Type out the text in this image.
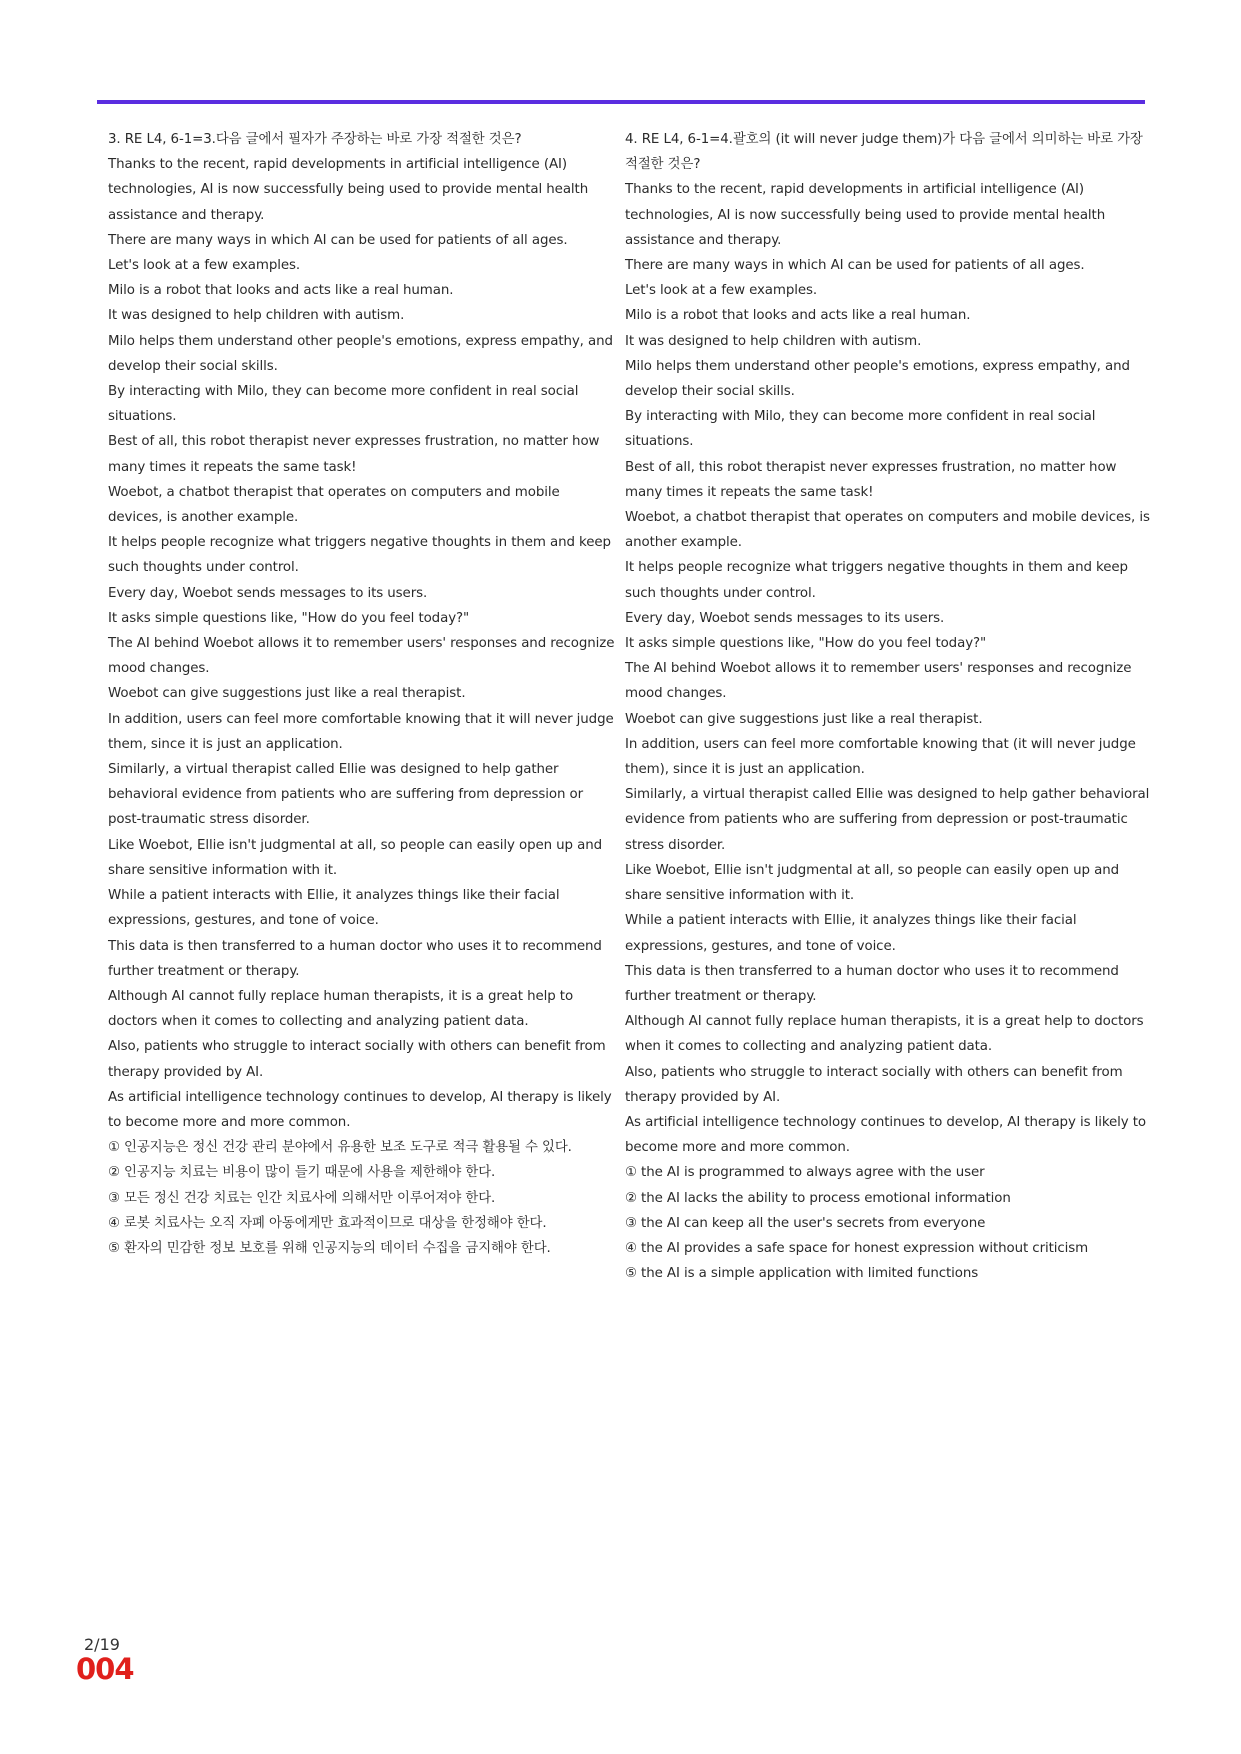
3. RE L4, 6-1=3.다음 글에서 필자가 주장하는 바로 가장 적절한 것은?

Thanks to the recent, rapid developments in artificial intelligence (AI) technologies, AI is now successfully being used to provide mental health assistance and therapy.

There are many ways in which AI can be used for patients of all ages.

Let's look at a few examples.

Milo is a robot that looks and acts like a real human.

It was designed to help children with autism.

Milo helps them understand other people's emotions, express empathy, and develop their social skills.

By interacting with Milo, they can become more confident in real social situations.

Best of all, this robot therapist never expresses frustration, no matter how many times it repeats the same task!

Woebot, a chatbot therapist that operates on computers and mobile devices, is another example.

It helps people recognize what triggers negative thoughts in them and keep such thoughts under control.

Every day, Woebot sends messages to its users.

It asks simple questions like, "How do you feel today?"

The AI behind Woebot allows it to remember users' responses and recognize mood changes.

Woebot can give suggestions just like a real therapist.

In addition, users can feel more comfortable knowing that it will never judge them, since it is just an application.

Similarly, a virtual therapist called Ellie was designed to help gather behavioral evidence from patients who are suffering from depression or post-traumatic stress disorder.

Like Woebot, Ellie isn't judgmental at all, so people can easily open up and share sensitive information with it.

While a patient interacts with Ellie, it analyzes things like their facial expressions, gestures, and tone of voice.

This data is then transferred to a human doctor who uses it to recommend further treatment or therapy.

Although AI cannot fully replace human therapists, it is a great help to doctors when it comes to collecting and analyzing patient data.

Also, patients who struggle to interact socially with others can benefit from therapy provided by AI.

As artificial intelligence technology continues to develop, AI therapy is likely to become more and more common.

① 인공지능은 정신 건강 관리 분야에서 유용한 보조 도구로 적극 활용될 수 있다.

② 인공지능 치료는 비용이 많이 들기 때문에 사용을 제한해야 한다.

③ 모든 정신 건강 치료는 인간 치료사에 의해서만 이루어져야 한다.

④ 로봇 치료사는 오직 자폐 아동에게만 효과적이므로 대상을 한정해야 한다.

⑤ 환자의 민감한 정보 보호를 위해 인공지능의 데이터 수집을 금지해야 한다.

4. RE L4, 6-1=4.괄호의 (it will never judge them)가 다음 글에서 의미하는 바로 가장 적절한 것은?

Thanks to the recent, rapid developments in artificial intelligence (AI) technologies, AI is now successfully being used to provide mental health assistance and therapy.

There are many ways in which AI can be used for patients of all ages.

Let's look at a few examples.

Milo is a robot that looks and acts like a real human.

It was designed to help children with autism.

Milo helps them understand other people's emotions, express empathy, and develop their social skills.

By interacting with Milo, they can become more confident in real social situations.

Best of all, this robot therapist never expresses frustration, no matter how many times it repeats the same task!

Woebot, a chatbot therapist that operates on computers and mobile devices, is another example.

It helps people recognize what triggers negative thoughts in them and keep such thoughts under control.

Every day, Woebot sends messages to its users.

It asks simple questions like, "How do you feel today?"

The AI behind Woebot allows it to remember users' responses and recognize mood changes.

Woebot can give suggestions just like a real therapist.

In addition, users can feel more comfortable knowing that (it will never judge them), since it is just an application.

Similarly, a virtual therapist called Ellie was designed to help gather behavioral evidence from patients who are suffering from depression or post-traumatic stress disorder.

Like Woebot, Ellie isn't judgmental at all, so people can easily open up and share sensitive information with it.

While a patient interacts with Ellie, it analyzes things like their facial expressions, gestures, and tone of voice.

This data is then transferred to a human doctor who uses it to recommend further treatment or therapy.

Although AI cannot fully replace human therapists, it is a great help to doctors when it comes to collecting and analyzing patient data.

Also, patients who struggle to interact socially with others can benefit from therapy provided by AI.

As artificial intelligence technology continues to develop, AI therapy is likely to become more and more common.

① the AI is programmed to always agree with the user

② the AI lacks the ability to process emotional information

③ the AI can keep all the user's secrets from everyone

④ the AI provides a safe space for honest expression without criticism

⑤ the AI is a simple application with limited functions

2/19
004
